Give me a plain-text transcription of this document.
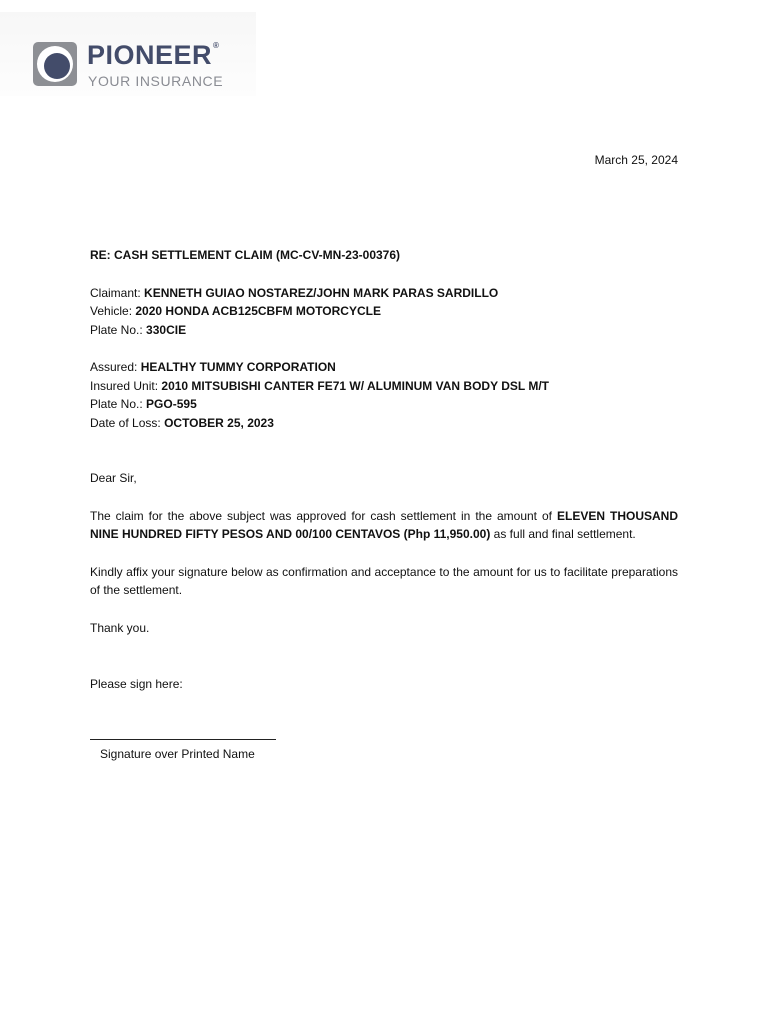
PIONEER®
YOUR INSURANCE
March 25, 2024
RE: CASH SETTLEMENT CLAIM (MC-CV-MN-23-00376)
Claimant: KENNETH GUIAO NOSTAREZ/JOHN MARK PARAS SARDILLO
Vehicle: 2020 HONDA ACB125CBFM MOTORCYCLE
Plate No.: 330CIE
Assured: HEALTHY TUMMY CORPORATION
Insured Unit: 2010 MITSUBISHI CANTER FE71 W/ ALUMINUM VAN BODY DSL M/T
Plate No.: PGO-595
Date of Loss: OCTOBER 25, 2023
Dear Sir,

The claim for the above subject was approved for cash settlement in the amount of ELEVEN THOUSAND NINE HUNDRED FIFTY PESOS AND 00/100 CENTAVOS (Php 11,950.00) as full and final settlement.

Kindly affix your signature below as confirmation and acceptance to the amount for us to facilitate preparations of the settlement.

Thank you.
Please sign here:
Signature over Printed Name
